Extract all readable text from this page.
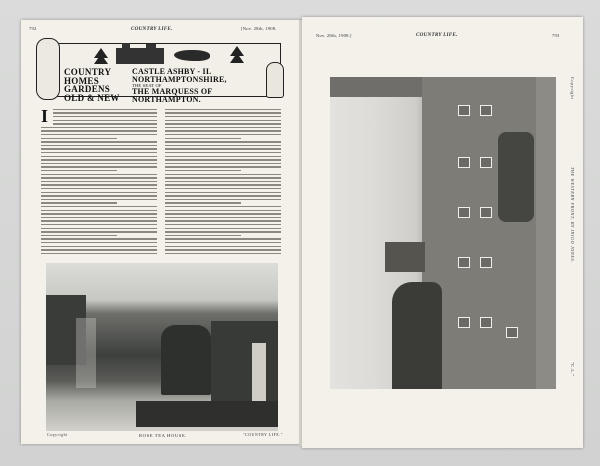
792	COUNTRY LIFE.	[Nov. 28th, 1908.
COUNTRY
HOMES
GARDENS
OLD & NEW
CASTLE ASHBY - II.
NORTHAMPTONSHIRE,
THE SEAT OF
THE MARQUESS OF NORTHAMPTON.
I
Copyright	ROSE TEA HOUSE.	"COUNTRY LIFE."
Nov. 28th, 1908.]	COUNTRY LIFE.	793
Copyright
THE WESTERN FRONT, BY INIGO JONES.
"C.L."
